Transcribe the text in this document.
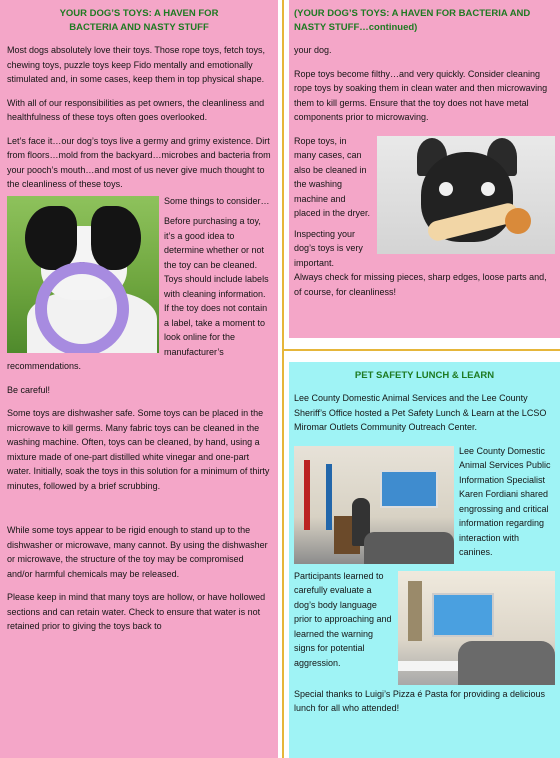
YOUR DOG’S TOYS: A HAVEN FOR
BACTERIA AND NASTY STUFF

Most dogs absolutely love their toys. Those rope toys, fetch toys, chewing toys, puzzle toys keep Fido mentally and emotionally stimulated and, in some cases, keep them in top physical shape.

With all of our responsibilities as pet owners, the cleanliness and healthfulness of these toys often goes overlooked.

Let’s face it…our dog’s toys live a germy and grimy existence. Dirt from floors…mold from the backyard…microbes and bacteria from your pooch’s mouth…and most of us never give much thought to the cleanliness of these toys.

Some things to consider…

Before purchasing a toy, it’s a good idea to determine whether or not the toy can be cleaned. Toys should include labels with cleaning information. If the toy does not contain a label, take a moment to look online for the manufacturer’s recommendations.

Be careful!

Some toys are dishwasher safe. Some toys can be placed in the microwave to kill germs. Many fabric toys can be cleaned in the washing machine. Often, toys can be cleaned, by hand, using a mixture made of one-part distilled white vinegar and one-part water. Initially, soak the toys in this solution for a minimum of thirty minutes, followed by a brief scrubbing.

While some toys appear to be rigid enough to stand up to the dishwasher or microwave, many cannot. By using the dishwasher or microwave, the structure of the toy may be compromised and/or harmful chemicals may be released.

Please keep in mind that many toys are hollow, or have hollowed sections and can retain water. Check to ensure that water is not retained prior to giving the toys back to

(YOUR DOG’S TOYS: A HAVEN FOR BACTERIA AND
NASTY STUFF…continued)

your dog.

Rope toys become filthy…and very quickly. Consider cleaning rope toys by soaking them in clean water and then microwaving them to kill germs. Ensure that the toy does not have metal components prior to microwaving.

Rope toys, in many cases, can also be cleaned in the washing machine and placed in the dryer.

Inspecting your dog’s toys is very important.

Always check for missing pieces, sharp edges, loose parts and, of course, for cleanliness!

PET SAFETY LUNCH & LEARN

Lee County Domestic Animal Services and the Lee County Sheriff’s Office hosted a Pet Safety Lunch & Learn at the LCSO Miromar Outlets Community Outreach Center.

Lee County Domestic Animal Services Public Information Specialist Karen Fordiani shared engrossing and critical information regarding interaction with canines.

Participants learned to carefully evaluate a dog’s body language prior to approaching and learned the warning signs for potential aggression.

Special thanks to Luigi’s Pizza é Pasta for providing a delicious lunch for all who attended!
